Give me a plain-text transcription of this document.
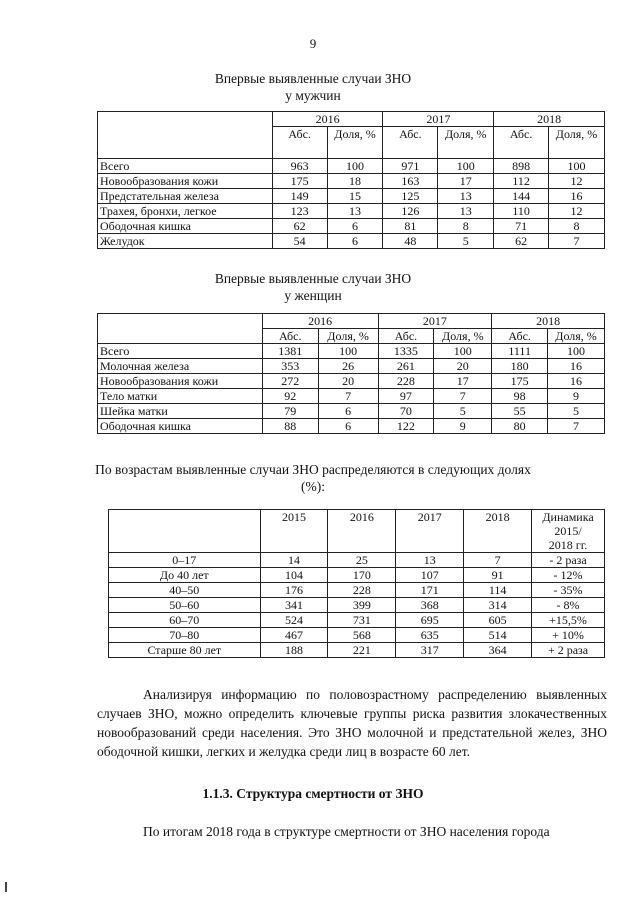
9
Впервые выявленные случаи ЗНО
у мужчин
	2016		2017		2018	
	Абс.	Доля, %	Абс.	Доля, %	Абс.	Доля, %
Всего	963	100	971	100	898	100
Новообразования кожи	175	18	163	17	112	12
Предстательная железа	149	15	125	13	144	16
Трахея, бронхи, легкое	123	13	126	13	110	12
Ободочная кишка	62	6	81	8	71	8
Желудок	54	6	48	5	62	7
Впервые выявленные случаи ЗНО
у женщин
	2016		2017		2018	
	Абс.	Доля, %	Абс.	Доля, %	Абс.	Доля, %
Всего	1381	100	1335	100	1111	100
Молочная железа	353	26	261	20	180	16
Новообразования кожи	272	20	228	17	175	16
Тело матки	92	7	97	7	98	9
Шейка матки	79	6	70	5	55	5
Ободочная кишка	88	6	122	9	80	7
По возрастам выявленные случаи ЗНО распределяются в следующих долях
(%):
	2015	2016	2017	2018	Динамика
2015/
2018 гг.

0–17	14	25	13	7	- 2 раза
До 40 лет	104	170	107	91	- 12%
40–50	176	228	171	114	- 35%
50–60	341	399	368	314	- 8%
60–70	524	731	695	605	+15,5%
70–80	467	568	635	514	+ 10%
Старше 80 лет	188	221	317	364	+ 2 раза
Анализируя информацию по половозрастному распределению выявленных случаев ЗНО, можно определить ключевые группы риска развития злокачественных новообразований среди населения. Это ЗНО молочной и предстательной желез, ЗНО ободочной кишки, легких и желудка среди лиц в возрасте 60 лет.
1.1.3. Структура смертности от ЗНО
По итогам 2018 года в структуре смертности от ЗНО населения города
